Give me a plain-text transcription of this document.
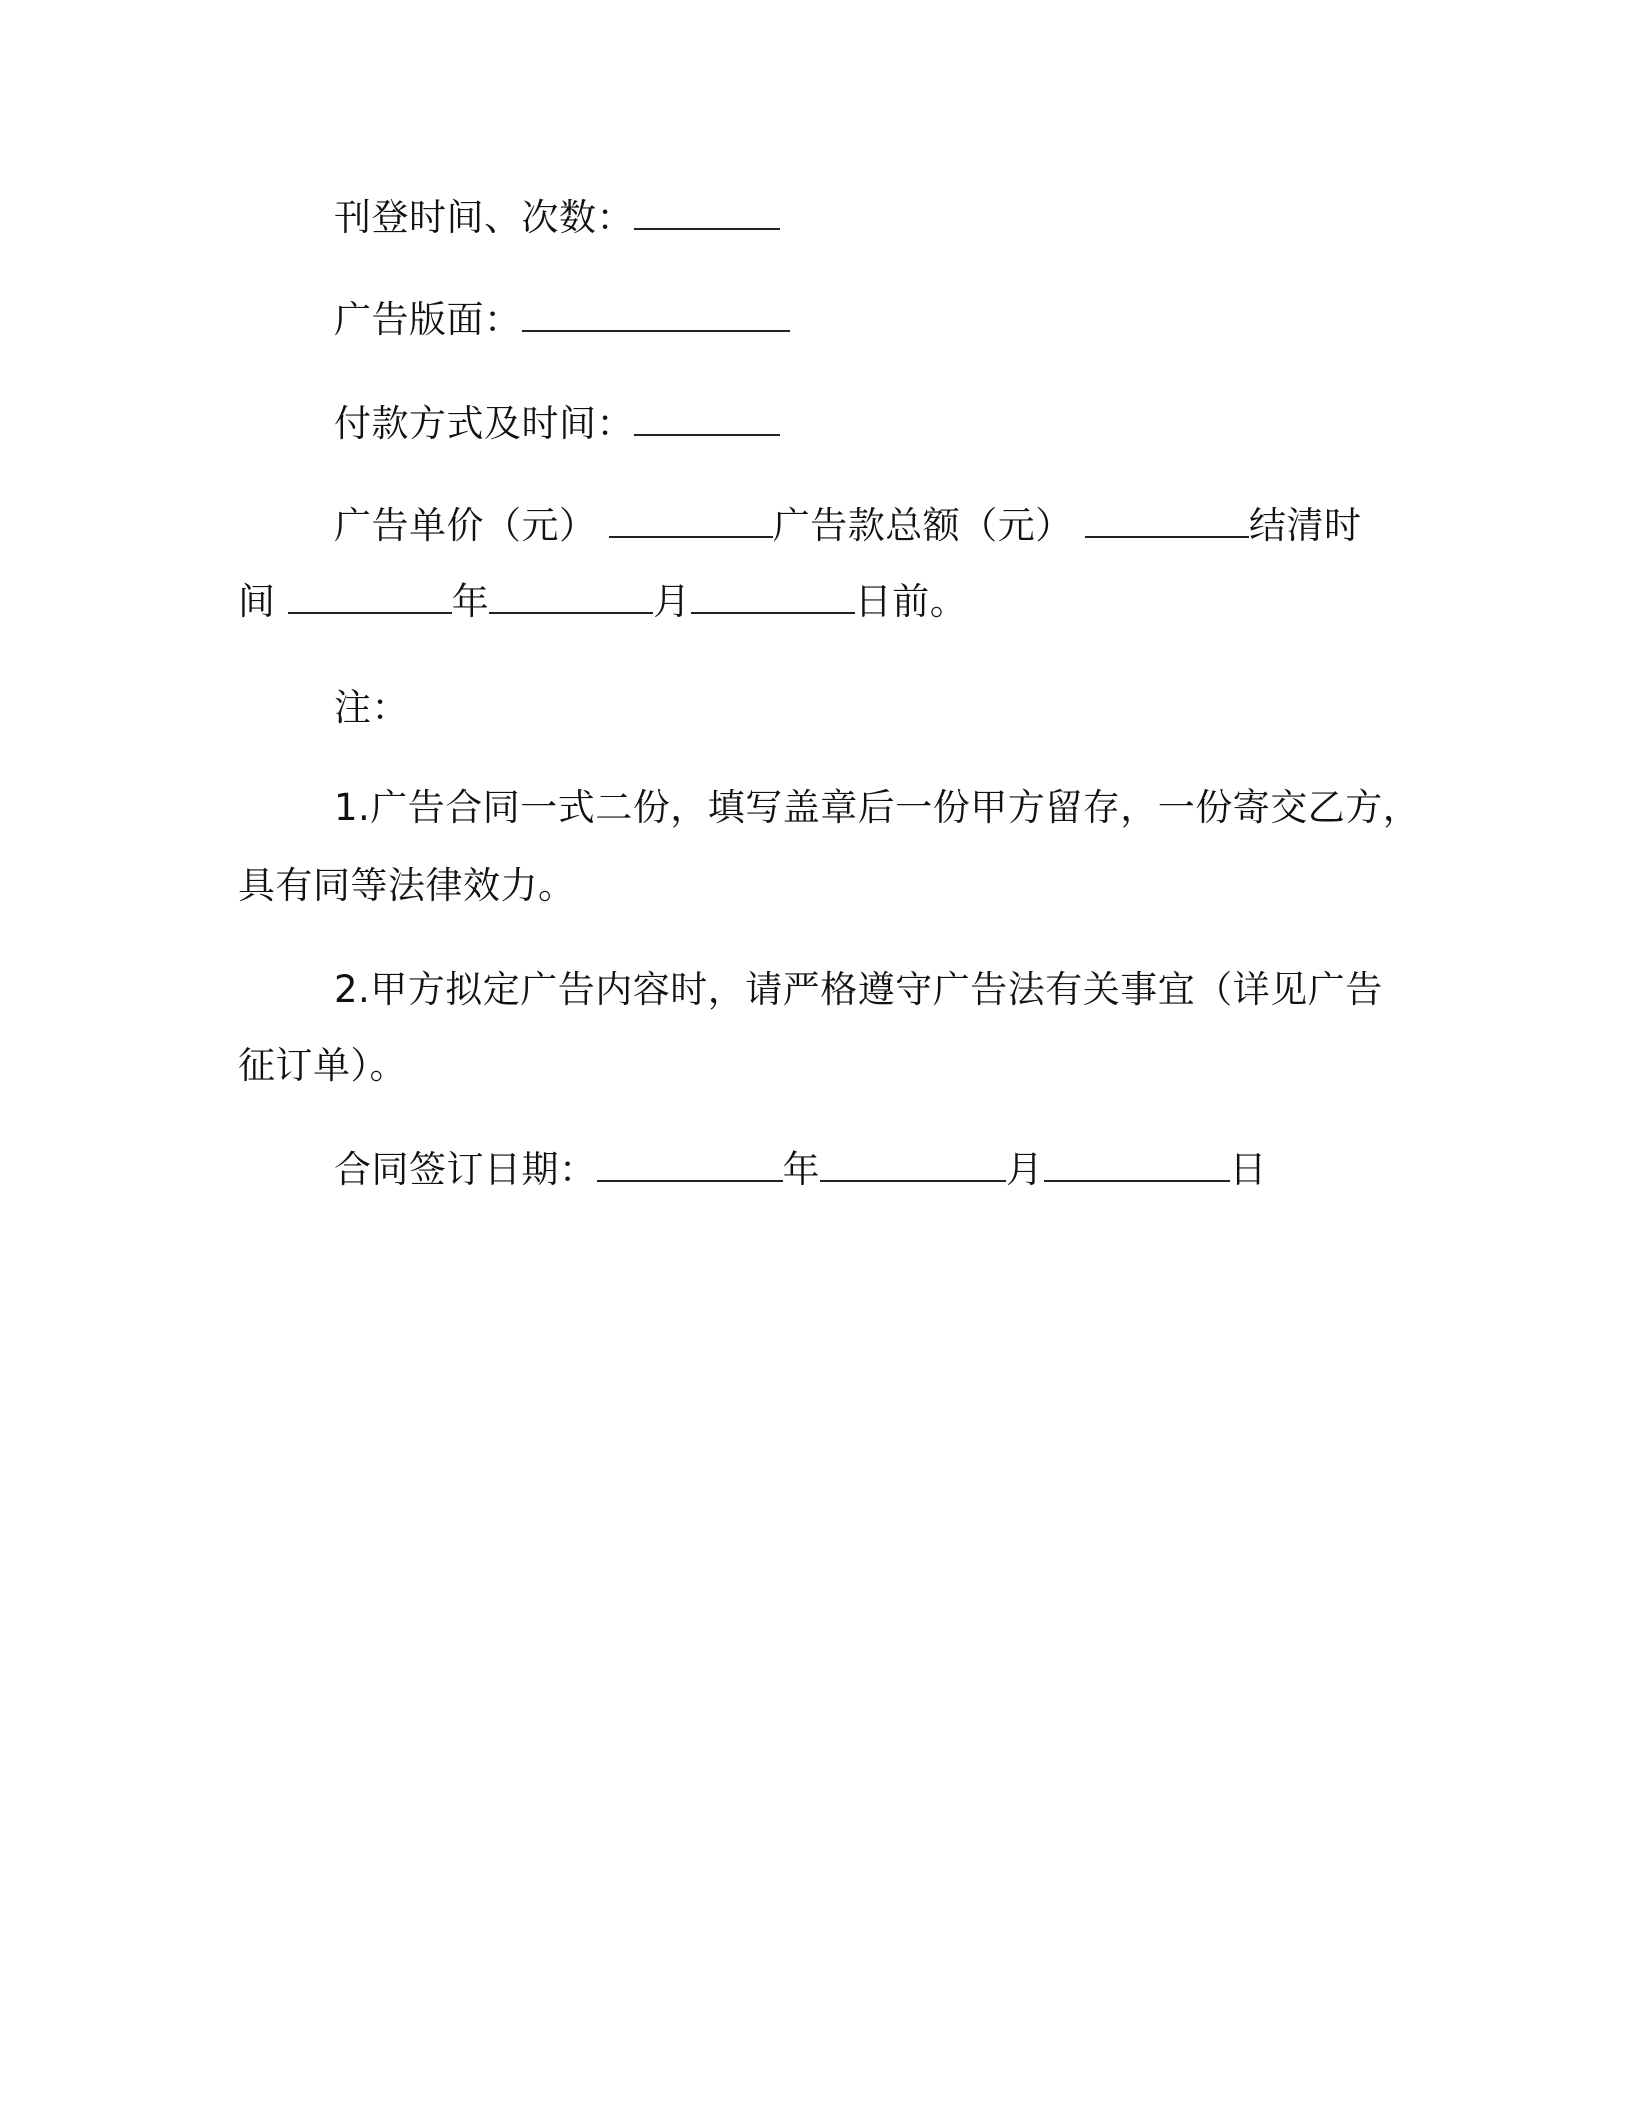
刊登时间、次数：
广告版面：
付款方式及时间：
广告单价（元）	广告款总额（元）	结清时
间	年	月	日前。
注：
1.广告合同一式二份，填写盖章后一份甲方留存，一份寄交乙方，
具有同等法律效力。
2.甲方拟定广告内容时，请严格遵守广告法有关事宜（详见广告
征订单）。
合同签订日期：	年	月	日
